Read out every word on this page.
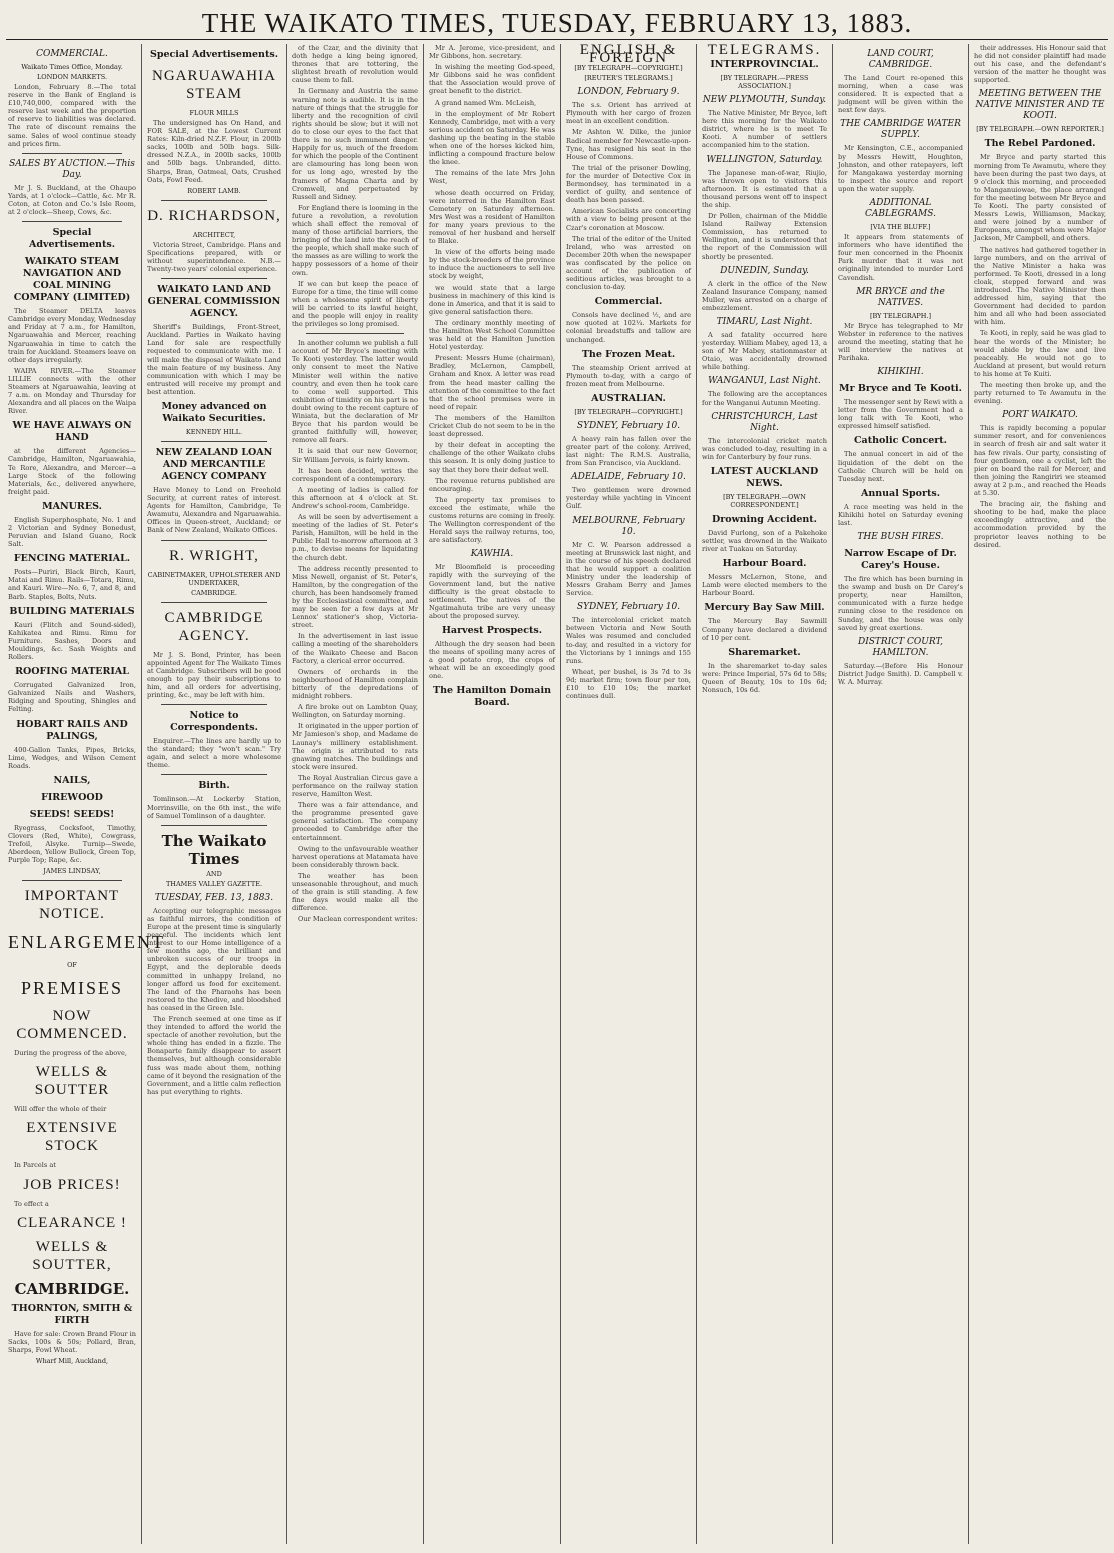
THE WAIKATO TIMES, TUESDAY, FEBRUARY 13, 1883.
COMMERCIAL.
Waikato Times Office, Monday.
LONDON MARKETS.

London, February 8.—The total reserve in the Bank of England is £10,740,000, compared with the reserve last week and the proportion of reserve to liabilities was declared. The rate of discount remains the same. Sales of wool continue steady and prices firm.

SALES BY AUCTION.—This Day.

Mr J. S. Buckland, at the Ohaupo Yards, at 1 o'clock—Cattle, &c. Mr R. Coton, at Coton and Co.'s Isle Room, at 2 o'clock—Sheep, Cows, &c.

Special Advertisements.
WAIKATO STEAM NAVIGATION AND COAL MINING COMPANY (LIMITED)

The Steamer DELTA leaves Cambridge every Monday, Wednesday and Friday at 7 a.m., for Hamilton, Ngaruawahia and Mercer, reaching Ngaruawahia in time to catch the train for Auckland. Steamers leave on other days irregularly.

WAIPA RIVER.—The Steamer LILLIE connects with the other Steamers at Ngaruawahia, leaving at 7 a.m. on Monday and Thursday for Alexandra and all places on the Waipa River.

WE HAVE ALWAYS ON HAND

at the different Agencies—Cambridge, Hamilton, Ngaruawahia, Te Rore, Alexandra, and Mercer—a Large Stock of the following Materials, &c., delivered anywhere, freight paid.

MANURES.

English Superphosphate, No. 1 and 2 Victorian and Sydney Bonedust, Peruvian and Island Guano, Rock Salt.

FENCING MATERIAL.

Posts—Puriri, Black Birch, Kauri, Matai and Rimu. Rails—Totara, Rimu, and Kauri. Wire—No. 6, 7, and 8, and Barb. Staples, Bolts, Nuts.

BUILDING MATERIALS

Kauri (Flitch and Sound-sided), Kahikatea and Rimu. Rimu for Furniture. Sashes, Doors and Mouldings, &c. Sash Weights and Rollers.

ROOFING MATERIAL

Corrugated Galvanized Iron, Galvanized Nails and Washers, Ridging and Spouting, Shingles and Felting.

HOBART RAILS AND PALINGS,

400-Gallon Tanks, Pipes, Bricks, Lime, Wedges, and Wilson Cement Roads.

NAILS,
FIREWOOD
SEEDS! SEEDS!

Ryegrass, Cocksfoot, Timothy, Clovers (Red, White), Cowgrass, Trefoil, Alsyke. Turnip—Swede, Aberdeen, Yellow Bullock, Green Top, Purple Top; Rape, &c.

JAMES LINDSAY,
IMPORTANT NOTICE.
ENLARGEMENT
OF
PREMISES
NOW COMMENCED.

During the progress of the above,

WELLS & SOUTTER

Will offer the whole of their

EXTENSIVE STOCK

In Parcels at

JOB PRICES!

To effect a

CLEARANCE !
WELLS & SOUTTER,
CAMBRIDGE.
THORNTON, SMITH & FIRTH

Have for sale: Crown Brand Flour in Sacks, 100s & 50s; Pollard, Bran, Sharps, Fowl Wheat.

Wharf Mill, Auckland,
Special Advertisements.
NGARUAWAHIA STEAM
FLOUR MILLS

The undersigned has On Hand, and FOR SALE, at the Lowest Current Rates: Kiln-dried N.Z.F. Flour, in 200lb sacks, 100lb and 50lb bags. Silk-dressed N.Z.A., in 200lb sacks, 100lb and 50lb bags. Unbranded, ditto. Sharps, Bran, Oatmeal, Oats, Crushed Oats, Fowl Feed.

ROBERT LAMB.
D. RICHARDSON,
ARCHITECT,

Victoria Street, Cambridge. Plans and Specifications prepared, with or without superintendence. N.B.—Twenty-two years' colonial experience.

WAIKATO LAND AND GENERAL COMMISSION AGENCY.

Sheriff's Buildings, Front-Street, Auckland. Parties in Waikato having Land for sale are respectfully requested to communicate with me. I will make the disposal of Waikato Land the main feature of my business. Any communication with which I may be entrusted will receive my prompt and best attention.

Money advanced on Waikato Securities.
KENNEDY HILL.
NEW ZEALAND LOAN AND MERCANTILE AGENCY COMPANY

Have Money to Lend on Freehold Security, at current rates of interest. Agents for Hamilton, Cambridge, Te Awamutu, Alexandra and Ngaruawahia. Offices in Queen-street, Auckland; or Bank of New Zealand, Waikato Offices.

R. WRIGHT,
CABINETMAKER, UPHOLSTERER AND UNDERTAKER,
CAMBRIDGE.
CAMBRIDGE AGENCY.

Mr J. S. Bond, Printer, has been appointed Agent for The Waikato Times at Cambridge. Subscribers will be good enough to pay their subscriptions to him, and all orders for advertising, printing, &c., may be left with him.

Notice to Correspondents.

Enquirer.—The lines are hardly up to the standard; they "won't scan." Try again, and select a more wholesome theme.

Birth.

Tomlinson.—At Lockerby Station, Morrinsville, on the 6th inst., the wife of Samuel Tomlinson of a daughter.

The Waikato Times
AND
THAMES VALLEY GAZETTE.
TUESDAY, FEB. 13, 1883.

Accepting our telegraphic messages as faithful mirrors, the condition of Europe at the present time is singularly peaceful. The incidents which lent interest to our Home intelligence of a few months ago, the brilliant and unbroken success of our troops in Egypt, and the deplorable deeds committed in unhappy Ireland, no longer afford us food for excitement. The land of the Pharaohs has been restored to the Khedive, and bloodshed has ceased in the Green Isle.

The French seemed at one time as if they intended to afford the world the spectacle of another revolution, but the whole thing has ended in a fizzle. The Bonaparte family disappear to assert themselves, but although considerable fuss was made about them, nothing came of it beyond the resignation of the Government, and a little calm reflection has put everything to rights.

of the Czar, and the divinity that doth hedge a king being ignored, thrones that are tottering, the slightest breath of revolution would cause them to fall.

In Germany and Austria the same warning note is audible. It is in the nature of things that the struggle for liberty and the recognition of civil rights should be slow; but it will not do to close our eyes to the fact that there is no such immunent danger. Happily for us, much of the freedom for which the people of the Continent are clamouring has long been won for us long ago, wrested by the framers of Magna Charta and by Cromwell, and perpetuated by Russell and Sidney.

For England there is looming in the future a revolution, a revolution which shall effect the removal of many of those artificial barriers, the bringing of the land into the reach of the people, which shall make such of the masses as are willing to work the happy possessors of a home of their own.

If we can but keep the peace of Europe for a time, the time will come when a wholesome spirit of liberty will be carried to its lawful height, and the people will enjoy in reality the privileges so long promised.

In another column we publish a full account of Mr Bryce's meeting with Te Kooti yesterday. The latter would only consent to meet the Native Minister well within the native country, and even then he took care to come well supported. This exhibition of timidity on his part is no doubt owing to the recent capture of Winiata, but the declaration of Mr Bryce that his pardon would be granted faithfully will, however, remove all fears.

It is said that our new Governor, Sir William Jervois, is fairly known.

It has been decided, writes the correspondent of a contemporary.

A meeting of ladies is called for this afternoon at 4 o'clock at St. Andrew's school-room, Cambridge.

As will be seen by advertisement a meeting of the ladies of St. Peter's Parish, Hamilton, will be held in the Public Hall to-morrow afternoon at 3 p.m., to devise means for liquidating the church debt.

The address recently presented to Miss Newell, organist of St. Peter's, Hamilton, by the congregation of the church, has been handsomely framed by the Ecclesiastical committee, and may be seen for a few days at Mr Lennox' stationer's shop, Victoria-street.

In the advertisement in last issue calling a meeting of the shareholders of the Waikato Cheese and Bacon Factory, a clerical error occurred.

Owners of orchards in the neighbourhood of Hamilton complain bitterly of the depredations of midnight robbers.

A fire broke out on Lambton Quay, Wellington, on Saturday morning.

It originated in the upper portion of Mr Jamieson's shop, and Madame de Launay's millinery establishment. The origin is attributed to rats gnawing matches. The buildings and stock were insured.

The Royal Australian Circus gave a performance on the railway station reserve, Hamilton West.

There was a fair attendance, and the programme presented gave general satisfaction. The company proceeded to Cambridge after the entertainment.

Owing to the unfavourable weather harvest operations at Matamata have been considerably thrown back.

The weather has been unseasonable throughout, and much of the grain is still standing. A few fine days would make all the difference.

Our Maclean correspondent writes:

Mr A. Jerome, vice-president, and Mr Gibbons, hon. secretary.

In wishing the meeting God-speed, Mr Gibbons said he was confident that the Association would prove of great benefit to the district.

A grand named Wm. McLeish,

in the employment of Mr Robert Kennedy, Cambridge, met with a very serious accident on Saturday. He was dashing up the beating in the stable when one of the horses kicked him, inflicting a compound fracture below the knee.

The remains of the late Mrs John West,

whose death occurred on Friday, were interred in the Hamilton East Cemetery on Saturday afternoon. Mrs West was a resident of Hamilton for many years previous to the removal of her husband and herself to Blake.

In view of the efforts being made by the stock-breeders of the province to induce the auctioneers to sell live stock by weight,

we would state that a large business in machinery of this kind is done in America, and that it is said to give general satisfaction there.

The ordinary monthly meeting of the Hamilton West School Committee was held at the Hamilton Junction Hotel yesterday.

Present: Messrs Hume (chairman), Bradley, McLernon, Campbell, Graham and Knox. A letter was read from the head master calling the attention of the committee to the fact that the school premises were in need of repair.

The members of the Hamilton Cricket Club do not seem to be in the least depressed.

by their defeat in accepting the challenge of the other Waikato clubs this season. It is only doing justice to say that they bore their defeat well.

The revenue returns published are encouraging.

The property tax promises to exceed the estimate, while the customs returns are coming in freely. The Wellington correspondent of the Herald says the railway returns, too, are satisfactory.

KAWHIA.

Mr Bloomfield is proceeding rapidly with the surveying of the Government land, but the native difficulty is the great obstacle to settlement. The natives of the Ngatimahuta tribe are very uneasy about the proposed survey.

Harvest Prospects.

Although the dry season had been the means of spoiling many acres of a good potato crop, the crops of wheat will be an exceedingly good one.

The Hamilton Domain Board.
ENGLISH & FOREIGN
[BY TELEGRAPH—COPYRIGHT.]
[REUTER'S TELEGRAMS.]
LONDON, February 9.

The s.s. Orient has arrived at Plymouth with her cargo of frozen meat in an excellent condition.

Mr Ashton W. Dilke, the junior Radical member for Newcastle-upon-Tyne, has resigned his seat in the House of Commons.

The trial of the prisoner Dowling, for the murder of Detective Cox in Bermondsey, has terminated in a verdict of guilty, and sentence of death has been passed.

American Socialists are concerting with a view to being present at the Czar's coronation at Moscow.

The trial of the editor of the United Ireland, who was arrested on December 20th when the newspaper was confiscated by the police on account of the publication of seditious articles, was brought to a conclusion to-day.

Commercial.

Consols have declined ½, and are now quoted at 102¼. Markets for colonial breadstuffs and tallow are unchanged.

The Frozen Meat.

The steamship Orient arrived at Plymouth to-day, with a cargo of frozen meat from Melbourne.

AUSTRALIAN.
[BY TELEGRAPH—COPYRIGHT.]
SYDNEY, February 10.

A heavy rain has fallen over the greater part of the colony. Arrived, last night: The R.M.S. Australia, from San Francisco, via Auckland.

ADELAIDE, February 10.

Two gentlemen were drowned yesterday while yachting in Vincent Gulf.

MELBOURNE, February 10.

Mr C. W. Pearson addressed a meeting at Brunswick last night, and in the course of his speech declared that he would support a coalition Ministry under the leadership of Messrs Graham Berry and James Service.

SYDNEY, February 10.

The intercolonial cricket match between Victoria and New South Wales was resumed and concluded to-day, and resulted in a victory for the Victorians by 1 innings and 155 runs.

Wheat, per bushel, is 3s 7d to 3s 9d; market firm; town flour per ton, £10 to £10 10s; the market continues dull.

TELEGRAMS.
INTERPROVINCIAL.
[BY TELEGRAPH.—PRESS ASSOCIATION.]
NEW PLYMOUTH, Sunday.

The Native Minister, Mr Bryce, left here this morning for the Waikato district, where he is to meet Te Kooti. A number of settlers accompanied him to the station.

WELLINGTON, Saturday.

The Japanese man-of-war, Riujio, was thrown open to visitors this afternoon. It is estimated that a thousand persons went off to inspect the ship.

Dr Pollen, chairman of the Middle Island Railway Extension Commission, has returned to Wellington, and it is understood that the report of the Commission will shortly be presented.

DUNEDIN, Sunday.

A clerk in the office of the New Zealand Insurance Company, named Muller, was arrested on a charge of embezzlement.

TIMARU, Last Night.

A sad fatality occurred here yesterday. William Mabey, aged 13, a son of Mr Mabey, stationmaster at Otaio, was accidentally drowned while bathing.

WANGANUI, Last Night.

The following are the acceptances for the Wanganui Autumn Meeting.

CHRISTCHURCH, Last Night.

The intercolonial cricket match was concluded to-day, resulting in a win for Canterbury by four runs.

LATEST AUCKLAND NEWS.
[BY TELEGRAPH.—OWN CORRESPONDENT.]
Drowning Accident.

David Furlong, son of a Pakehoke settler, was drowned in the Waikato river at Tuakau on Saturday.

Harbour Board.

Messrs McLernon, Stone, and Lamb were elected members to the Harbour Board.

Mercury Bay Saw Mill.

The Mercury Bay Sawmill Company have declared a dividend of 10 per cent.

Sharemarket.

In the sharemarket to-day sales were: Prince Imperial, 57s 6d to 58s; Queen of Beauty, 10s to 10s 6d; Nonsuch, 10s 6d.

LAND COURT, CAMBRIDGE.

The Land Court re-opened this morning, when a case was considered. It is expected that a judgment will be given within the next few days.

THE CAMBRIDGE WATER SUPPLY.

Mr Kensington, C.E., accompanied by Messrs Hewitt, Houghton, Johnston, and other ratepayers, left for Mangakawa yesterday morning to inspect the source and report upon the water supply.

ADDITIONAL CABLEGRAMS.
[VIA THE BLUFF.]

It appears from statements of informers who have identified the four men concerned in the Phoenix Park murder that it was not originally intended to murder Lord Cavendish.

MR BRYCE and the NATIVES.
[BY TELEGRAPH.]

Mr Bryce has telegraphed to Mr Webster in reference to the natives around the meeting, stating that he will interview the natives at Parihaka.

KIHIKIHI.
Mr Bryce and Te Kooti.

The messenger sent by Rewi with a letter from the Government had a long talk with Te Kooti, who expressed himself satisfied.

Catholic Concert.

The annual concert in aid of the liquidation of the debt on the Catholic Church will be held on Tuesday next.

Annual Sports.

A race meeting was held in the Kihikihi hotel on Saturday evening last.

THE BUSH FIRES.
Narrow Escape of Dr. Carey's House.

The fire which has been burning in the swamp and bush on Dr Carey's property, near Hamilton, communicated with a furze hedge running close to the residence on Sunday, and the house was only saved by great exertions.

DISTRICT COURT, HAMILTON.

Saturday.—(Before His Honour District Judge Smith). D. Campbell v. W. A. Murray.

their addresses. His Honour said that he did not consider plaintiff had made out his case, and the defendant's version of the matter he thought was supported.

MEETING BETWEEN THE NATIVE MINISTER AND TE KOOTI.
[BY TELEGRAPH.—OWN REPORTER.]
The Rebel Pardoned.

Mr Bryce and party started this morning from Te Awamutu, where they have been during the past two days, at 9 o'clock this morning, and proceeded to Manganuiowae, the place arranged for the meeting between Mr Bryce and Te Kooti. The party consisted of Messrs Lewis, Williamson, Mackay, and were joined by a number of Europeans, amongst whom were Major Jackson, Mr Campbell, and others.

The natives had gathered together in large numbers, and on the arrival of the Native Minister a haka was performed. Te Kooti, dressed in a long cloak, stepped forward and was introduced. The Native Minister then addressed him, saying that the Government had decided to pardon him and all who had been associated with him.

Te Kooti, in reply, said he was glad to hear the words of the Minister; he would abide by the law and live peaceably. He would not go to Auckland at present, but would return to his home at Te Kuiti.

The meeting then broke up, and the party returned to Te Awamutu in the evening.

PORT WAIKATO.

This is rapidly becoming a popular summer resort, and for conveniences in search of fresh air and salt water it has few rivals. Our party, consisting of four gentlemen, one a cyclist, left the pier on board the rail for Mercer, and then joining the Rangiriri we steamed away at 2 p.m., and reached the Heads at 5.30.

The bracing air, the fishing and shooting to be had, make the place exceedingly attractive, and the accommodation provided by the proprietor leaves nothing to be desired.
